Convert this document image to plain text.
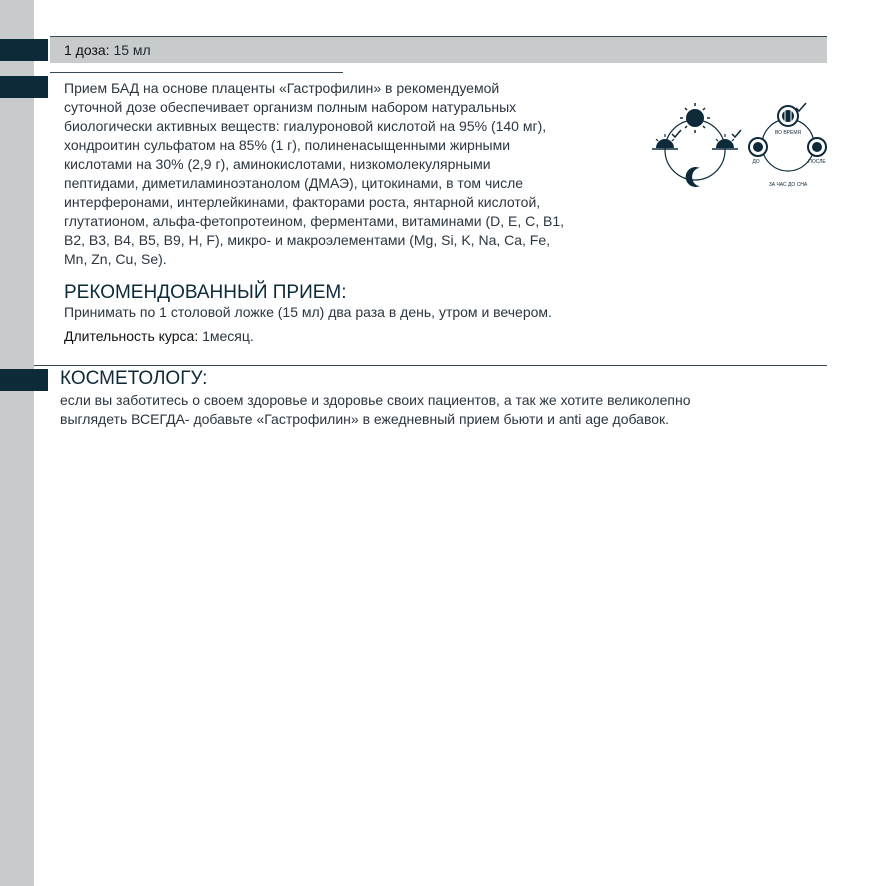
1 доза: 15 мл

Прием БАД на основе плаценты «Гастрофилин» в рекомендуемой

суточной дозе обеспечивает организм полным набором натуральных

биологически активных веществ: гиалуроновой кислотой на 95% (140 мг),

хондроитин сульфатом на 85% (1 г), полиненасыщенными жирными

кислотами на 30% (2,9 г), аминокислотами, низкомолекулярными

пептидами, диметиламиноэтанолом (ДМАЭ), цитокинами, в том числе

интерферонами, интерлейкинами, факторами роста, янтарной кислотой,

глутатионом, альфа-фетопротеином, ферментами, витаминами (D, E, C, B1,

B2, B3, B4, B5, B9, H, F), микро- и макроэлементами (Mg, Si, K, Na, Ca, Fe,

Mn, Zn, Cu, Se).

ВО ВРЕМЯ
ДО	ПОСЛЕ
ЗА ЧАС ДО СНА
РЕКОМЕНДОВАННЫЙ ПРИЕМ:
Принимать по 1 столовой ложке (15 мл) два раза в день, утром и вечером.
Длительность курса: 1месяц.
КОСМЕТОЛОГУ:
если вы заботитесь о своем здоровье и здоровье своих пациентов, а так же хотите великолепно
выглядеть ВСЕГДА- добавьте «Гастрофилин» в ежедневный прием бьюти и anti age добавок.
